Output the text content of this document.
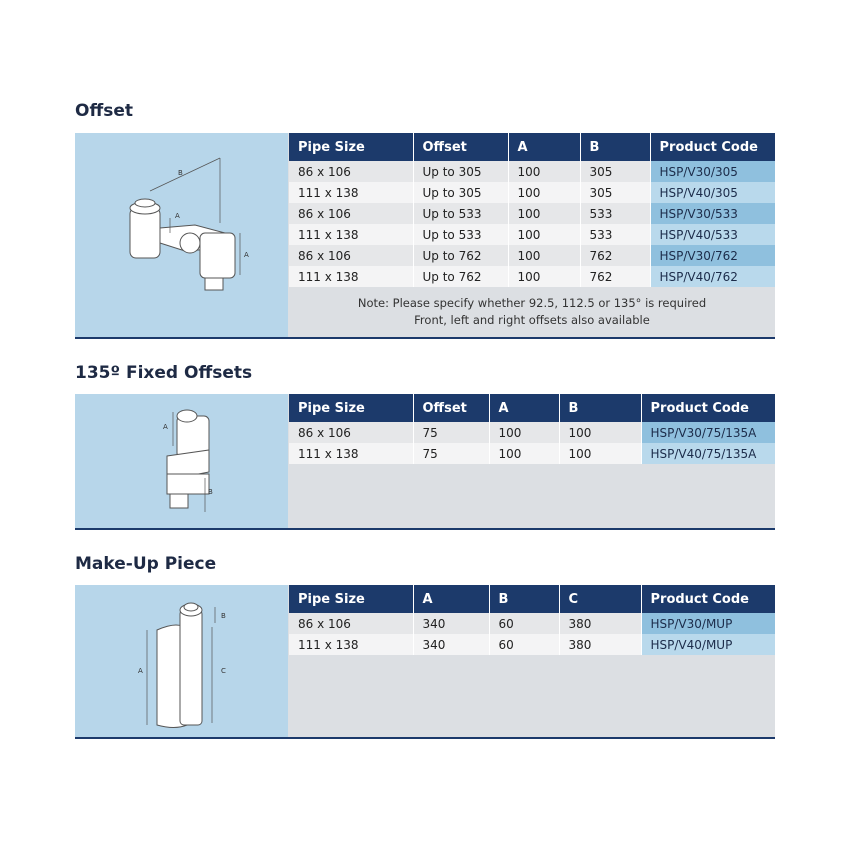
Offset
B
A
A
Pipe Size	Offset	A	B	Product Code
86 x 106	Up to 305	100	305	HSP/V30/305
111 x 138	Up to 305	100	305	HSP/V40/305
86 x 106	Up to 533	100	533	HSP/V30/533
111 x 138	Up to 533	100	533	HSP/V40/533
86 x 106	Up to 762	100	762	HSP/V30/762
111 x 138	Up to 762	100	762	HSP/V40/762
Note: Please specify whether 92.5, 112.5 or 135° is required
Front, left and right offsets also available
135º Fixed Offsets
A
B
Pipe Size	Offset	A	B	Product Code
86 x 106	75	100	100	HSP/V30/75/135A
111 x 138	75	100	100	HSP/V40/75/135A
Make-Up Piece
B
A	C
Pipe Size	A	B	C	Product Code
86 x 106	340	60	380	HSP/V30/MUP
111 x 138	340	60	380	HSP/V40/MUP
